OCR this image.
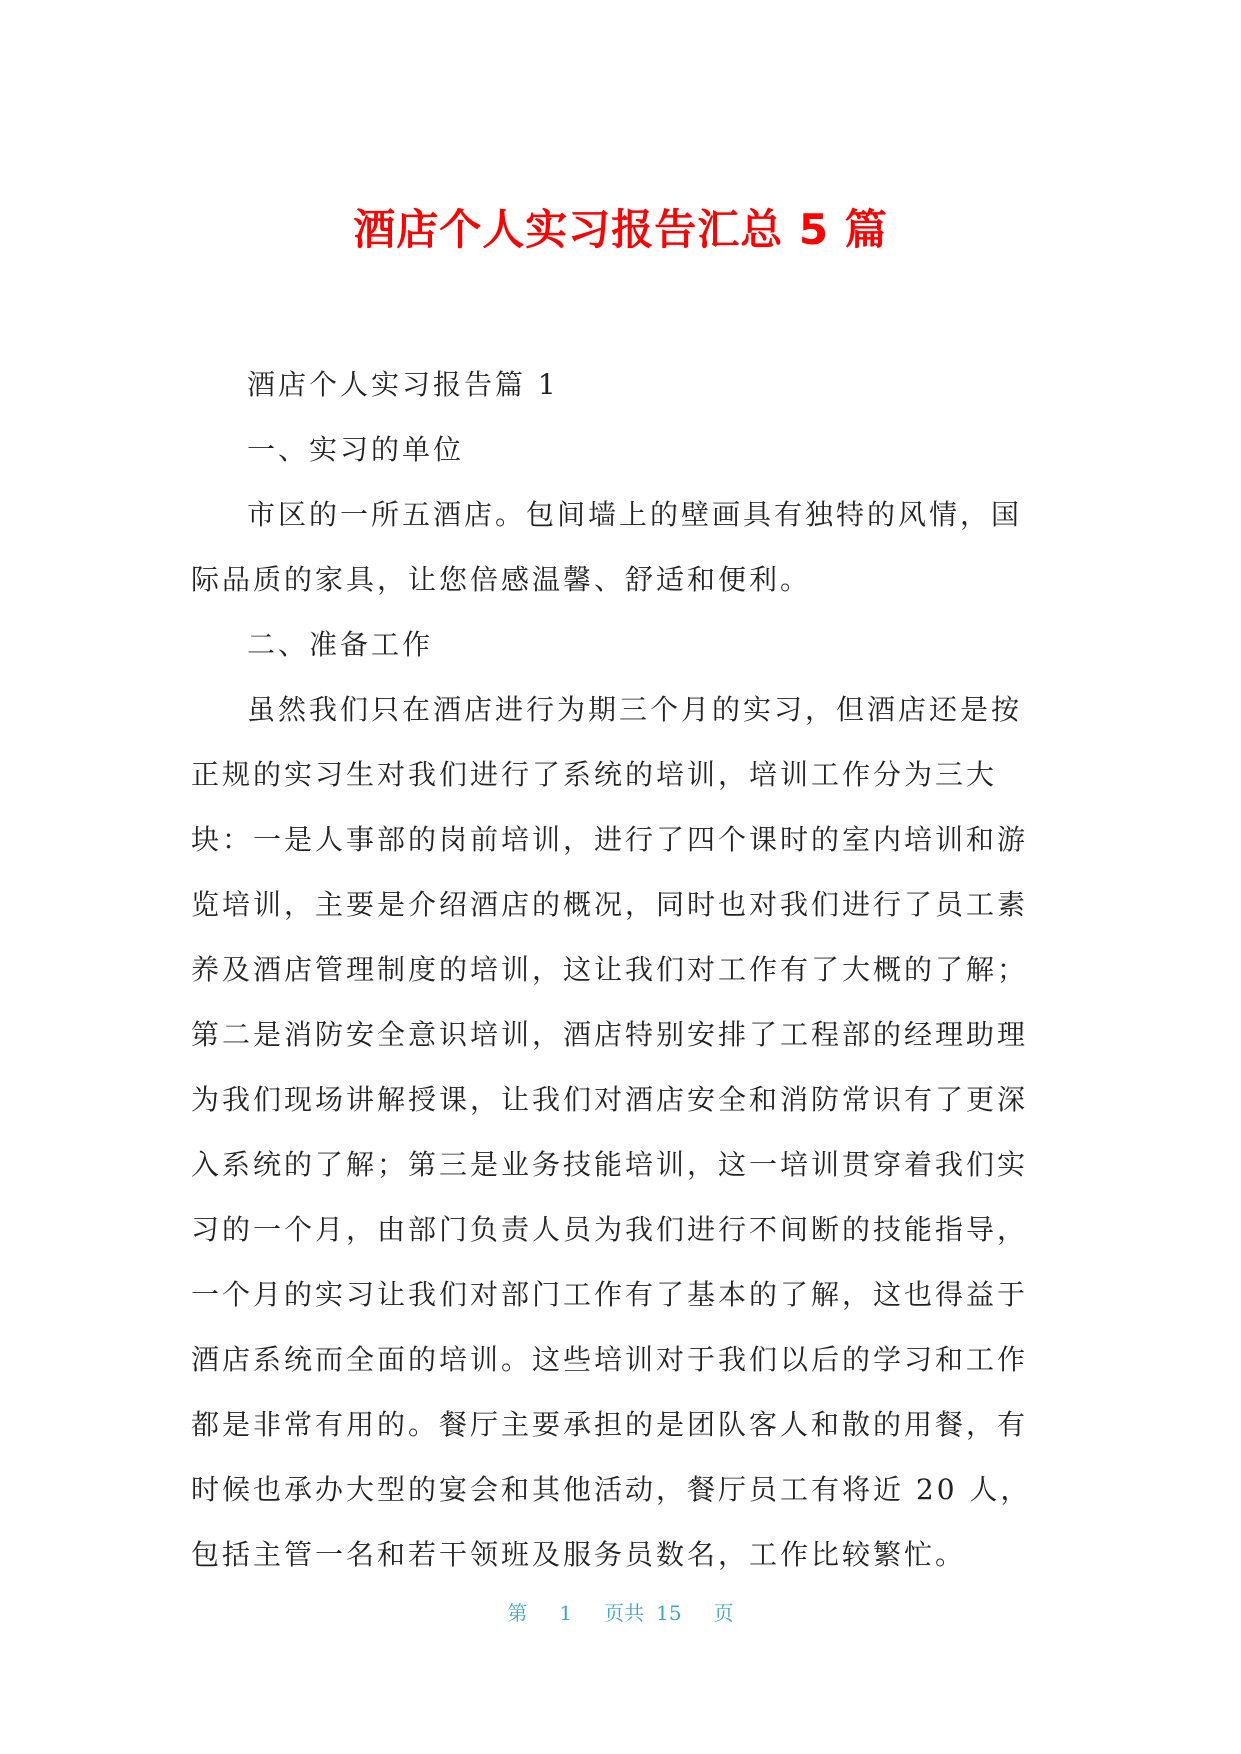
酒店个人实习报告汇总 5 篇

酒店个人实习报告篇 1

一、实习的单位

市区的一所五酒店。包间墙上的壁画具有独特的风情，国际品质的家具，让您倍感温馨、舒适和便利。

二、准备工作

虽然我们只在酒店进行为期三个月的实习，但酒店还是按正规的实习生对我们进行了系统的培训，培训工作分为三大块：一是人事部的岗前培训，进行了四个课时的室内培训和游览培训，主要是介绍酒店的概况，同时也对我们进行了员工素养及酒店管理制度的培训，这让我们对工作有了大概的了解；第二是消防安全意识培训，酒店特别安排了工程部的经理助理为我们现场讲解授课，让我们对酒店安全和消防常识有了更深入系统的了解；第三是业务技能培训，这一培训贯穿着我们实习的一个月，由部门负责人员为我们进行不间断的技能指导，一个月的实习让我们对部门工作有了基本的了解，这也得益于酒店系统而全面的培训。这些培训对于我们以后的学习和工作都是非常有用的。餐厅主要承担的是团队客人和散的用餐，有时候也承办大型的宴会和其他活动，餐厅员工有将近 20 人，包括主管一名和若干领班及服务员数名，工作比较繁忙。

第 1 页共 15 页
